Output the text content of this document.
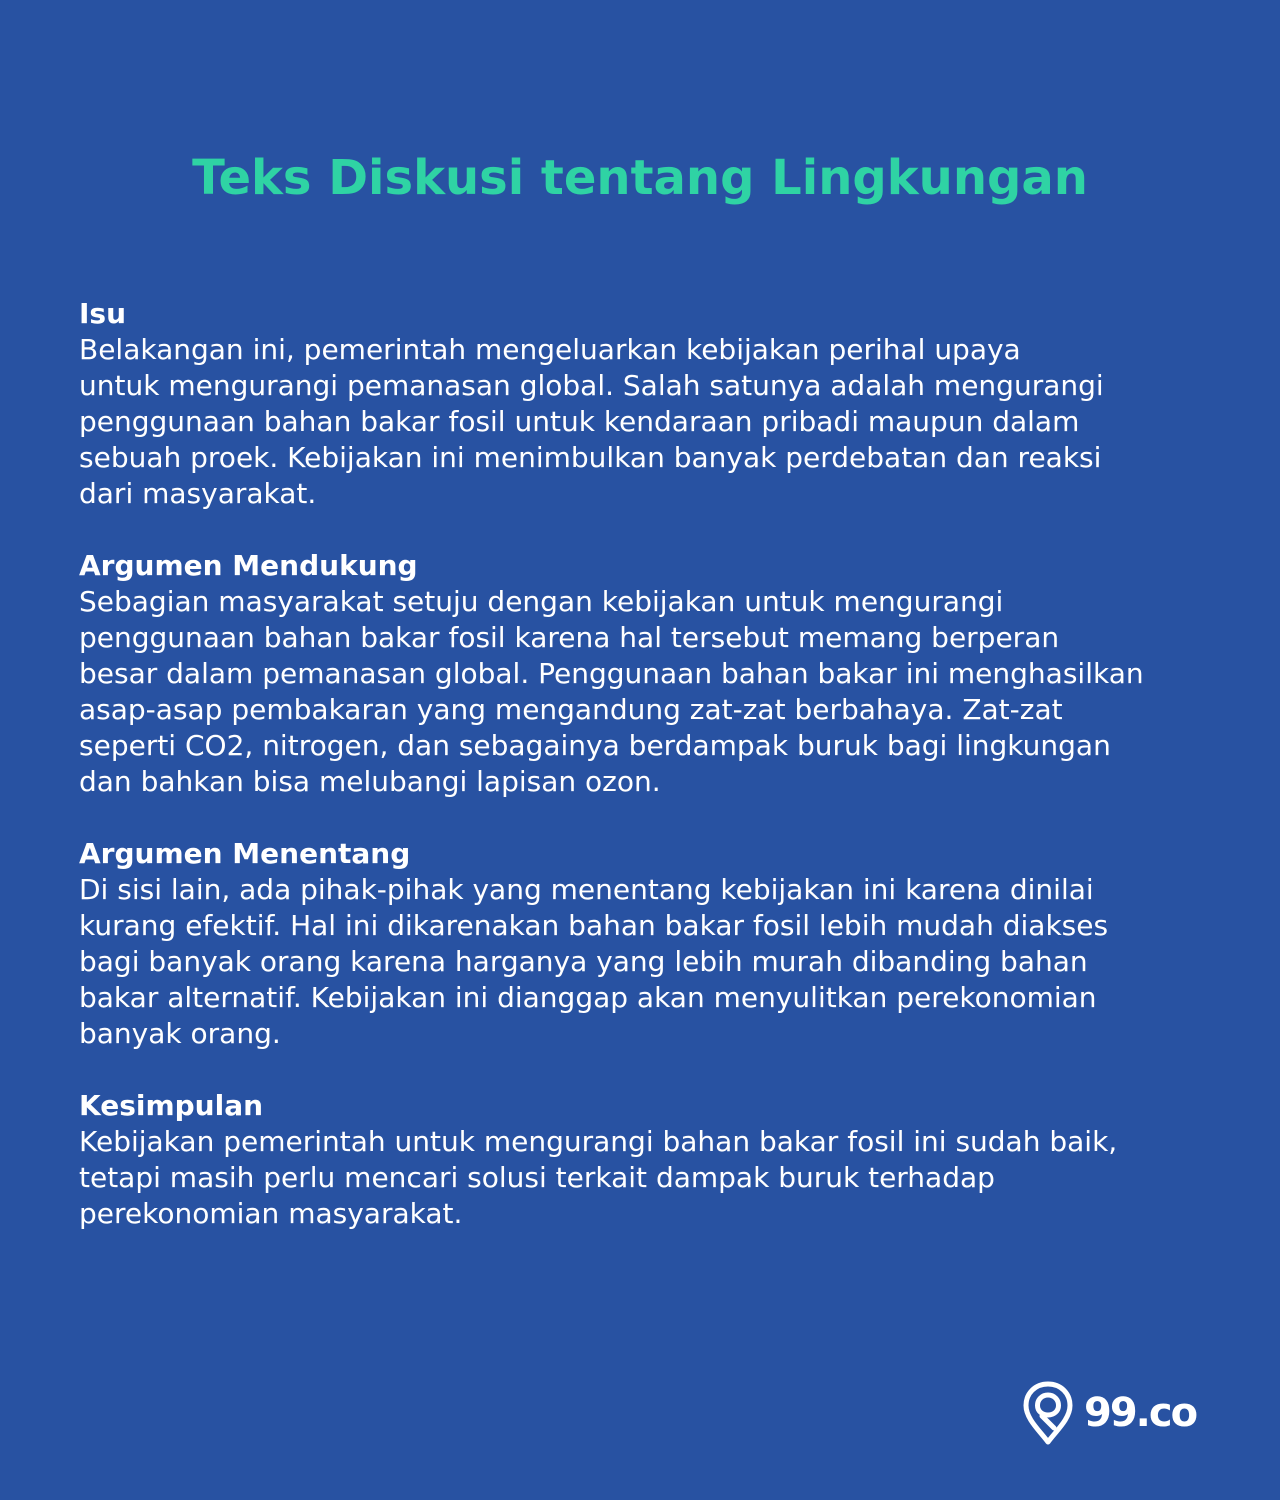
Teks Diskusi tentang Lingkungan

Isu

Belakangan ini, pemerintah mengeluarkan kebijakan perihal upaya
untuk mengurangi pemanasan global. Salah satunya adalah mengurangi
penggunaan bahan bakar fosil untuk kendaraan pribadi maupun dalam
sebuah proek. Kebijakan ini menimbulkan banyak perdebatan dan reaksi
dari masyarakat.

Argumen Mendukung

Sebagian masyarakat setuju dengan kebijakan untuk mengurangi
penggunaan bahan bakar fosil karena hal tersebut memang berperan
besar dalam pemanasan global. Penggunaan bahan bakar ini menghasilkan
asap-asap pembakaran yang mengandung zat-zat berbahaya. Zat-zat
seperti CO2, nitrogen, dan sebagainya berdampak buruk bagi lingkungan
dan bahkan bisa melubangi lapisan ozon.

Argumen Menentang

Di sisi lain, ada pihak-pihak yang menentang kebijakan ini karena dinilai
kurang efektif. Hal ini dikarenakan bahan bakar fosil lebih mudah diakses
bagi banyak orang karena harganya yang lebih murah dibanding bahan
bakar alternatif. Kebijakan ini dianggap akan menyulitkan perekonomian
banyak orang.

Kesimpulan

Kebijakan pemerintah untuk mengurangi bahan bakar fosil ini sudah baik,
tetapi masih perlu mencari solusi terkait dampak buruk terhadap
perekonomian masyarakat.

99.co
